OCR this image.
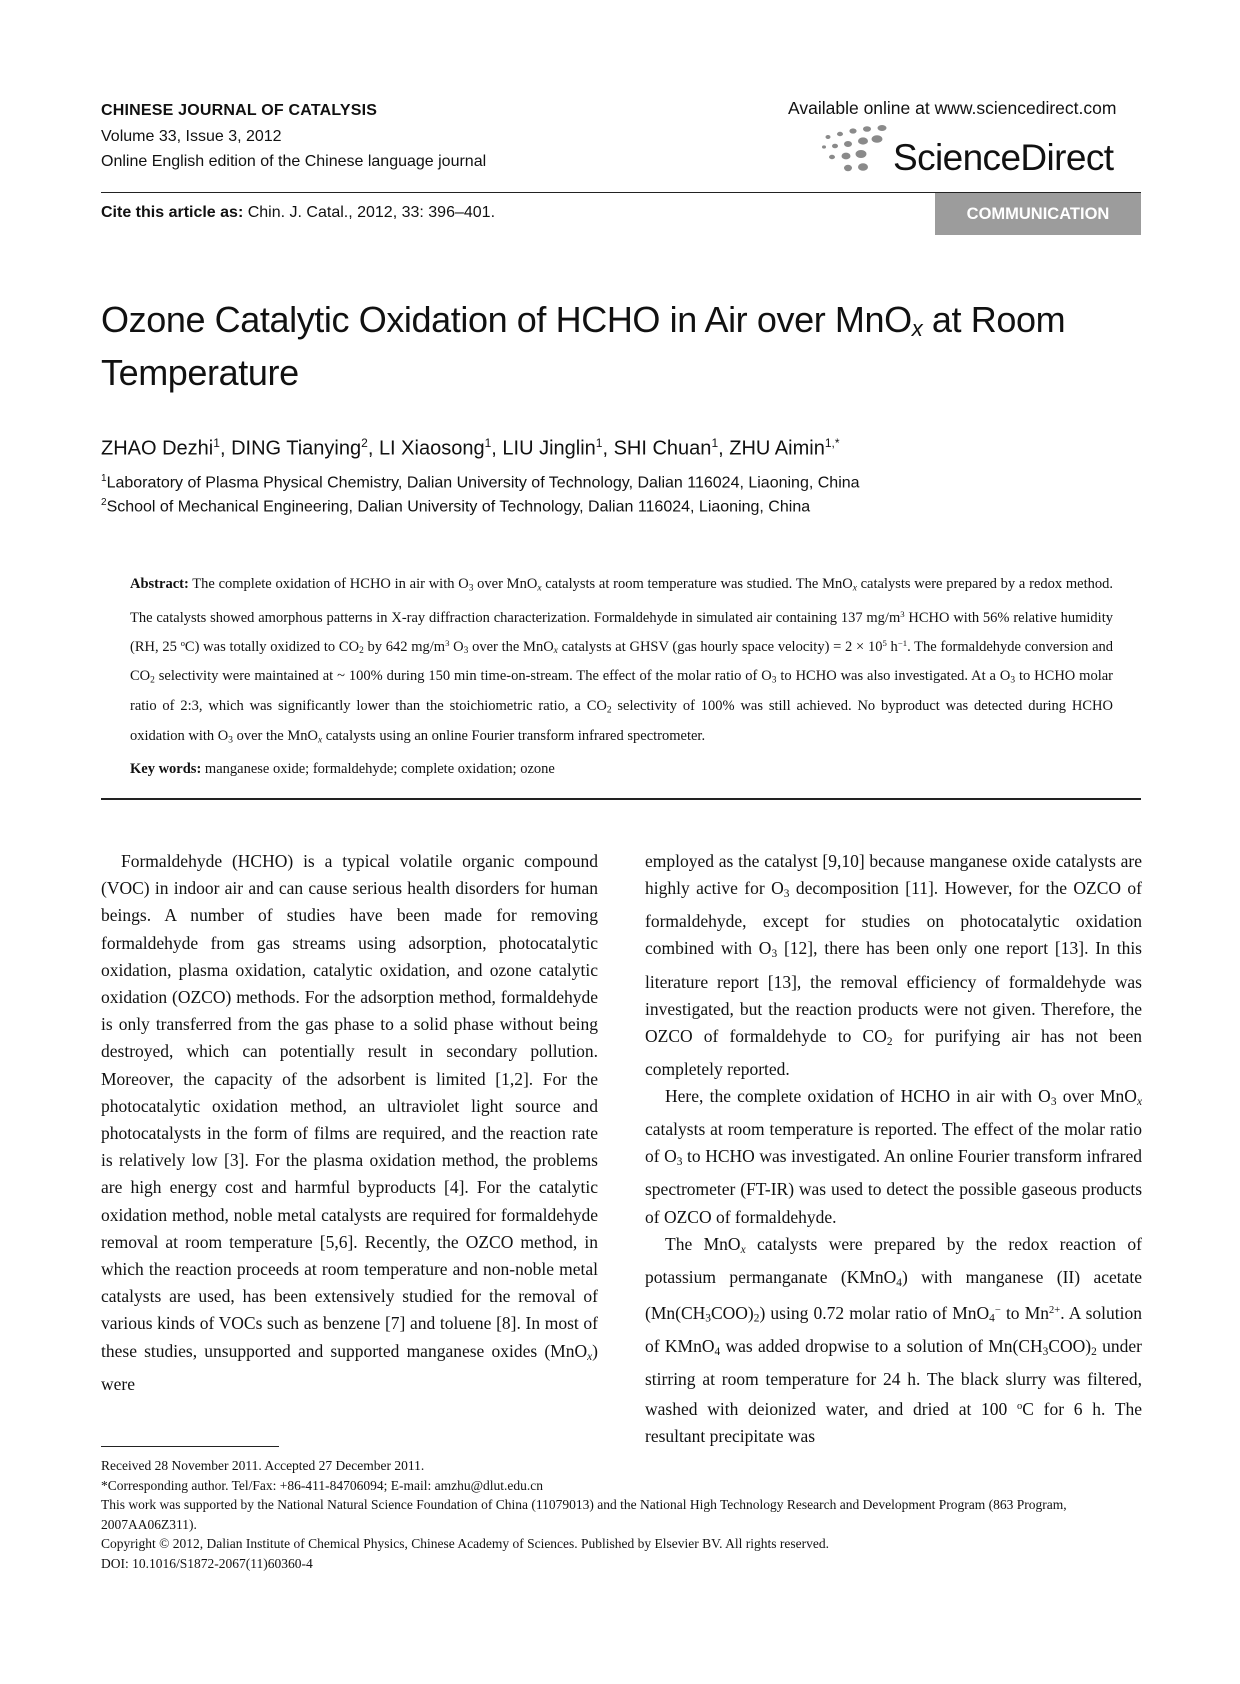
CHINESE JOURNAL OF CATALYSIS
Volume 33, Issue 3, 2012
Online English edition of the Chinese language journal
Available online at www.sciencedirect.com
ScienceDirect
Cite this article as: Chin. J. Catal., 2012, 33: 396–401.	COMMUNICATION
Ozone Catalytic Oxidation of HCHO in Air over MnO$_x$ at Room Temperature
ZHAO Dezhi$^1$, DING Tianying$^2$, LI Xiaosong$^1$, LIU Jinglin$^1$, SHI Chuan$^1$, ZHU Aimin$^{1,*}$
$^1$Laboratory of Plasma Physical Chemistry, Dalian University of Technology, Dalian 116024, Liaoning, China
$^2$School of Mechanical Engineering, Dalian University of Technology, Dalian 116024, Liaoning, China
Abstract: The complete oxidation of HCHO in air with $O_3$ over MnO$_x$ catalysts at room temperature was studied. The MnO$_x$ catalysts were prepared by a redox method. The catalysts showed amorphous patterns in X-ray diffraction characterization. Formaldehyde in simulated air containing 137 $mg/m^3$ HCHO with 56% relative humidity (RH, 25 $^o$C) was totally oxidized to $CO_2$ by 642 $mg/m^3$ $O_3$ over the MnO$_x$ catalysts at GHSV (gas hourly space velocity) = $2 \times 10^5$ $h^{-1}$. The formaldehyde conversion and $CO_2$ selectivity were maintained at ~ 100% during 150 min time-on-stream. The effect of the molar ratio of $O_3$ to HCHO was also investigated. At a $O_3$ to HCHO molar ratio of 2:3, which was significantly lower than the stoichiometric ratio, a $CO_2$ selectivity of 100% was still achieved. No byproduct was detected during HCHO oxidation with $O_3$ over the MnO$_x$ catalysts using an online Fourier transform infrared spectrometer.
Key words: manganese oxide; formaldehyde; complete oxidation; ozone

Formaldehyde (HCHO) is a typical volatile organic compound (VOC) in indoor air and can cause serious health disorders for human beings. A number of studies have been made for removing formaldehyde from gas streams using adsorption, photocatalytic oxidation, plasma oxidation, catalytic oxidation, and ozone catalytic oxidation (OZCO) methods. For the adsorption method, formaldehyde is only transferred from the gas phase to a solid phase without being destroyed, which can potentially result in secondary pollution. Moreover, the capacity of the adsorbent is limited [1,2]. For the photocatalytic oxidation method, an ultraviolet light source and photocatalysts in the form of films are required, and the reaction rate is relatively low [3]. For the plasma oxidation method, the problems are high energy cost and harmful byproducts [4]. For the catalytic oxidation method, noble metal catalysts are required for formaldehyde removal at room temperature [5,6]. Recently, the OZCO method, in which the reaction proceeds at room temperature and non-noble metal catalysts are used, has been extensively studied for the removal of various kinds of VOCs such as benzene [7] and toluene [8]. In most of these studies, unsupported and supported manganese oxides (MnO$_x$) were

employed as the catalyst [9,10] because manganese oxide catalysts are highly active for $O_3$ decomposition [11]. However, for the OZCO of formaldehyde, except for studies on photocatalytic oxidation combined with $O_3$ [12], there has been only one report [13]. In this literature report [13], the removal efficiency of formaldehyde was investigated, but the reaction products were not given. Therefore, the OZCO of formaldehyde to $CO_2$ for purifying air has not been completely reported.

Here, the complete oxidation of HCHO in air with $O_3$ over MnO$_x$ catalysts at room temperature is reported. The effect of the molar ratio of $O_3$ to HCHO was investigated. An online Fourier transform infrared spectrometer (FT-IR) was used to detect the possible gaseous products of OZCO of formaldehyde.

The MnO$_x$ catalysts were prepared by the redox reaction of potassium permanganate (KMnO$_4$) with manganese (II) acetate $(Mn(CH_3COO)_2)$ using 0.72 molar ratio of MnO$_4$− to $Mn^{2+}$. A solution of KMnO$_4$ was added dropwise to a solution of $Mn(CH_3COO)_2$ under stirring at room temperature for 24 h. The black slurry was filtered, washed with deionized water, and dried at 100 $^o$C for 6 h. The resultant precipitate was

Received 28 November 2011. Accepted 27 December 2011.
*Corresponding author. Tel/Fax: +86-411-84706094; E-mail: amzhu@dlut.edu.cn
This work was supported by the National Natural Science Foundation of China (11079013) and the National High Technology Research and Development Program (863 Program, 2007AA06Z311).
Copyright © 2012, Dalian Institute of Chemical Physics, Chinese Academy of Sciences. Published by Elsevier BV. All rights reserved.
DOI: 10.1016/S1872-2067(11)60360-4
